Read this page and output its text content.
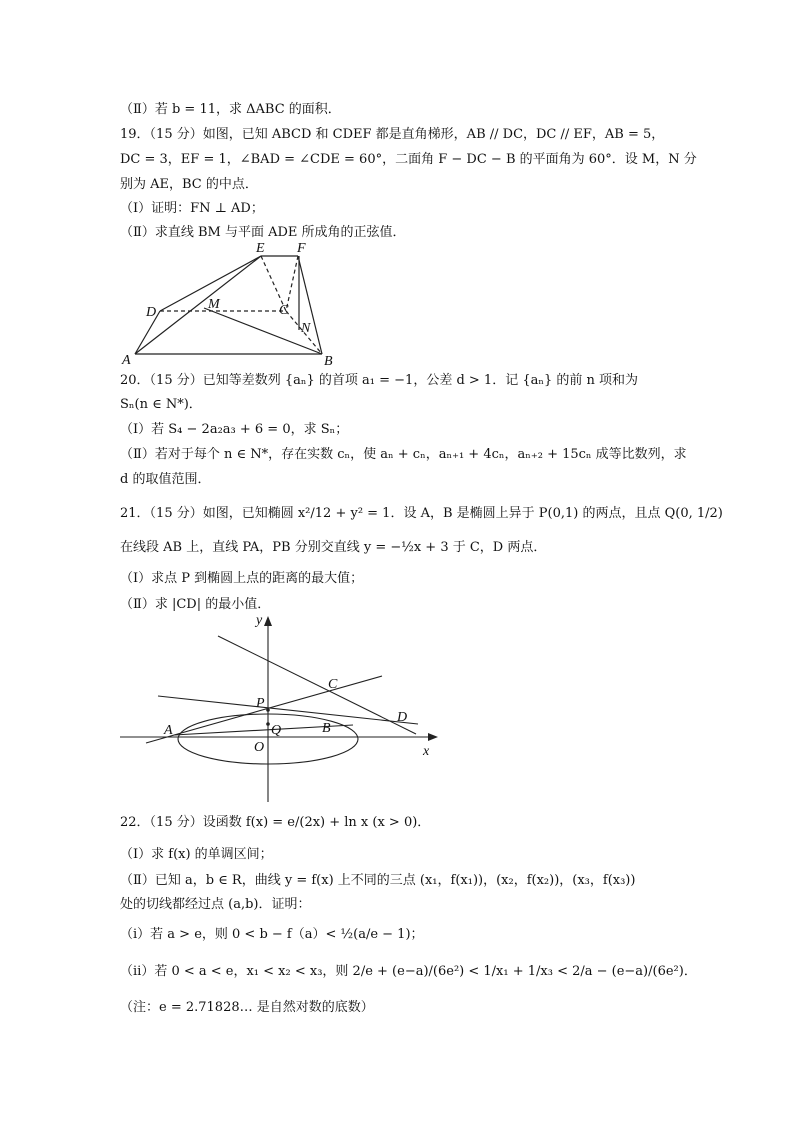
（Ⅱ）若 b = 11，求 ΔABC 的面积．
19．（15 分）如图，已知 ABCD 和 CDEF 都是直角梯形，AB // DC，DC // EF，AB = 5，
DC = 3，EF = 1，∠BAD = ∠CDE = 60°，二面角 F − DC − B 的平面角为 60°．设 M，N 分
别为 AE，BC 的中点．
（Ⅰ）证明：FN ⊥ AD；
（Ⅱ）求直线 BM 与平面 ADE 所成角的正弦值．
A	B
C
D
E F
M
N
20．（15 分）已知等差数列 {aₙ} 的首项 a₁ = −1，公差 d > 1．记 {aₙ} 的前 n 项和为
Sₙ(n ∈ N*)．
（Ⅰ）若 S₄ − 2a₂a₃ + 6 = 0，求 Sₙ；
（Ⅱ）若对于每个 n ∈ N*，存在实数 cₙ，使 aₙ + cₙ，aₙ₊₁ + 4cₙ，aₙ₊₂ + 15cₙ 成等比数列，求
d 的取值范围．
21．（15 分）如图，已知椭圆 x²/12 + y² = 1．设 A，B 是椭圆上异于 P(0,1) 的两点，且点 Q(0, 1/2)
在线段 AB 上，直线 PA，PB 分别交直线 y = −½x + 3 于 C，D 两点．
（Ⅰ）求点 P 到椭圆上点的距离的最大值；
（Ⅱ）求 |CD| 的最小值．
y
x
P
Q
O
A	B
C
D
22．（15 分）设函数 f(x) = e/(2x) + ln x (x > 0)．
（Ⅰ）求 f(x) 的单调区间；
（Ⅱ）已知 a，b ∈ R，曲线 y = f(x) 上不同的三点 (x₁，f(x₁))，(x₂，f(x₂))，(x₃，f(x₃))
处的切线都经过点 (a,b)．证明：
（ⅰ）若 a > e，则 0 < b − f（a）< ½(a/e − 1)；
（ⅱ）若 0 < a < e，x₁ < x₂ < x₃，则 2/e + (e−a)/(6e²) < 1/x₁ + 1/x₃ < 2/a − (e−a)/(6e²)．
（注：e = 2.71828… 是自然对数的底数）
